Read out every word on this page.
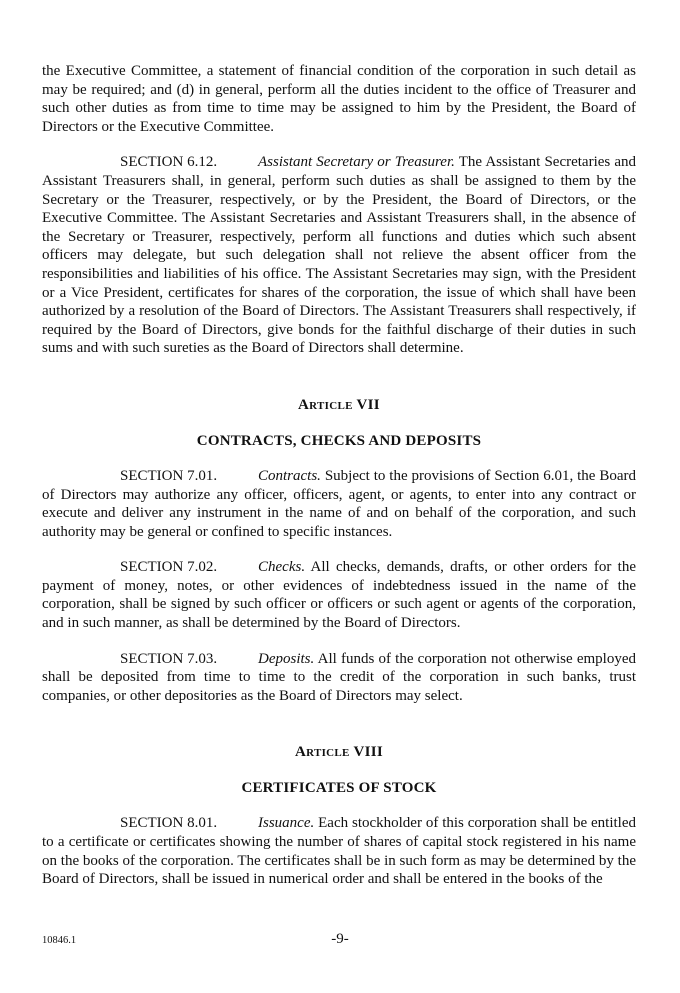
the Executive Committee, a statement of financial condition of the corporation in such detail as may be required; and (d) in general, perform all the duties incident to the office of Treasurer and such other duties as from time to time may be assigned to him by the President, the Board of Directors or the Executive Committee.

SECTION 6.12.	Assistant Secretary or Treasurer. The Assistant Secretaries and Assistant Treasurers shall, in general, perform such duties as shall be assigned to them by the Secretary or the Treasurer, respectively, or by the President, the Board of Directors, or the Executive Committee. The Assistant Secretaries and Assistant Treasurers shall, in the absence of the Secretary or Treasurer, respectively, perform all functions and duties which such absent officers may delegate, but such delegation shall not relieve the absent officer from the responsibilities and liabilities of his office. The Assistant Secretaries may sign, with the President or a Vice President, certificates for shares of the corporation, the issue of which shall have been authorized by a resolution of the Board of Directors. The Assistant Treasurers shall respectively, if required by the Board of Directors, give bonds for the faithful discharge of their duties in such sums and with such sureties as the Board of Directors shall determine.

Article VII

CONTRACTS, CHECKS AND DEPOSITS

SECTION 7.01.	Contracts. Subject to the provisions of Section 6.01, the Board of Directors may authorize any officer, officers, agent, or agents, to enter into any contract or execute and deliver any instrument in the name of and on behalf of the corporation, and such authority may be general or confined to specific instances.

SECTION 7.02.	Checks. All checks, demands, drafts, or other orders for the payment of money, notes, or other evidences of indebtedness issued in the name of the corporation, shall be signed by such officer or officers or such agent or agents of the corporation, and in such manner, as shall be determined by the Board of Directors.

SECTION 7.03.	Deposits. All funds of the corporation not otherwise employed shall be deposited from time to time to the credit of the corporation in such banks, trust companies, or other depositories as the Board of Directors may select.

Article VIII

CERTIFICATES OF STOCK

SECTION 8.01.	Issuance. Each stockholder of this corporation shall be entitled to a certificate or certificates showing the number of shares of capital stock registered in his name on the books of the corporation. The certificates shall be in such form as may be determined by the Board of Directors, shall be issued in numerical order and shall be entered in the books of the

10846.1	-9-
